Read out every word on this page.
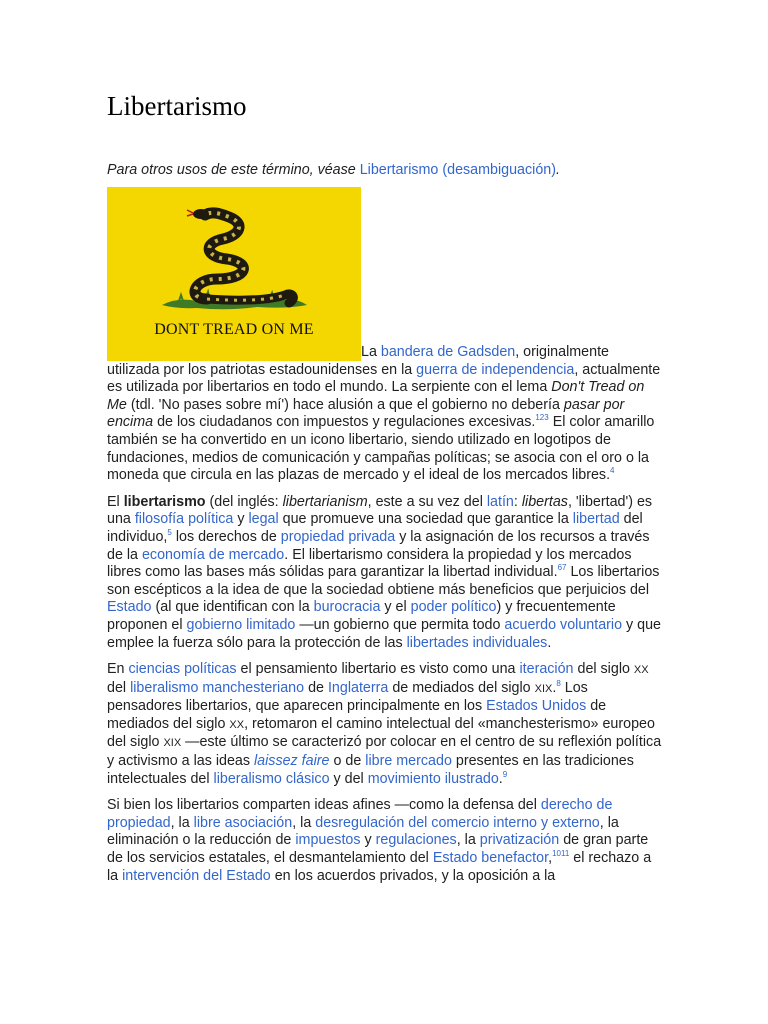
Libertarismo
Para otros usos de este término, véase Libertarismo (desambiguación).
DONT TREAD ON ME

La bandera de Gadsden, originalmente utilizada por los patriotas estadounidenses en la guerra de independencia, actualmente es utilizada por libertarios en todo el mundo. La serpiente con el lema Don't Tread on Me (tdl. 'No pases sobre mí') hace alusión a que el gobierno no debería pasar por encima de los ciudadanos con impuestos y regulaciones excesivas.$^{123}$ El color amarillo también se ha convertido en un icono libertario, siendo utilizado en logotipos de fundaciones, medios de comunicación y campañas políticas; se asocia con el oro o la moneda que circula en las plazas de mercado y el ideal de los mercados libres.$^4$

El libertarismo (del inglés: libertarianism, este a su vez del latín: libertas, 'libertad') es una filosofía política y legal que promueve una sociedad que garantice la libertad del individuo,$^5$ los derechos de propiedad privada y la asignación de los recursos a través de la economía de mercado. El libertarismo considera la propiedad y los mercados libres como las bases más sólidas para garantizar la libertad individual.$^{67}$ Los libertarios son escépticos a la idea de que la sociedad obtiene más beneficios que perjuicios del Estado (al que identifican con la burocracia y el poder político) y frecuentemente proponen el gobierno limitado —un gobierno que permita todo acuerdo voluntario y que emplee la fuerza sólo para la protección de las libertades individuales.

En ciencias políticas el pensamiento libertario es visto como una iteración del siglo XX del liberalismo manchesteriano de Inglaterra de mediados del siglo XIX.$^8$ Los pensadores libertarios, que aparecen principalmente en los Estados Unidos de mediados del siglo XX, retomaron el camino intelectual del «manchesterismo» europeo del siglo XIX —este último se caracterizó por colocar en el centro de su reflexión política y activismo a las ideas laissez faire o de libre mercado presentes en las tradiciones intelectuales del liberalismo clásico y del movimiento ilustrado.$^9$

Si bien los libertarios comparten ideas afines —como la defensa del derecho de propiedad, la libre asociación, la desregulación del comercio interno y externo, la eliminación o la reducción de impuestos y regulaciones, la privatización de gran parte de los servicios estatales, el desmantelamiento del Estado benefactor,$^{1011}$ el rechazo a la intervención del Estado en los acuerdos privados, y la oposición a la
